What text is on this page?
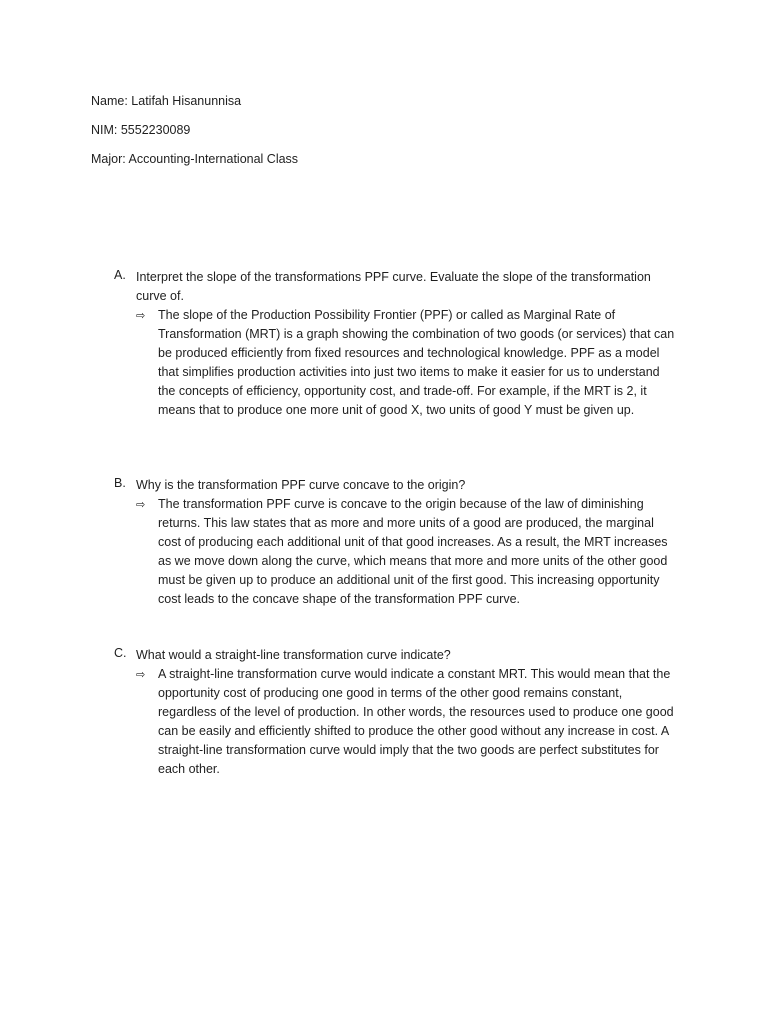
Name: Latifah Hisanunnisa

NIM: 5552230089

Major: Accounting-International Class

A. Interpret the slope of the transformations PPF curve. Evaluate the slope of the transformation curve of.
⇨ The slope of the Production Possibility Frontier (PPF) or called as Marginal Rate of Transformation (MRT) is a graph showing the combination of two goods (or services) that can be produced efficiently from fixed resources and technological knowledge. PPF as a model that simplifies production activities into just two items to make it easier for us to understand the concepts of efficiency, opportunity cost, and trade-off. For example, if the MRT is 2, it means that to produce one more unit of good X, two units of good Y must be given up.
B. Why is the transformation PPF curve concave to the origin?
⇨ The transformation PPF curve is concave to the origin because of the law of diminishing returns. This law states that as more and more units of a good are produced, the marginal cost of producing each additional unit of that good increases. As a result, the MRT increases as we move down along the curve, which means that more and more units of the other good must be given up to produce an additional unit of the first good. This increasing opportunity cost leads to the concave shape of the transformation PPF curve.
C. What would a straight-line transformation curve indicate?
⇨ A straight-line transformation curve would indicate a constant MRT. This would mean that the opportunity cost of producing one good in terms of the other good remains constant, regardless of the level of production. In other words, the resources used to produce one good can be easily and efficiently shifted to produce the other good without any increase in cost. A straight-line transformation curve would imply that the two goods are perfect substitutes for each other.
